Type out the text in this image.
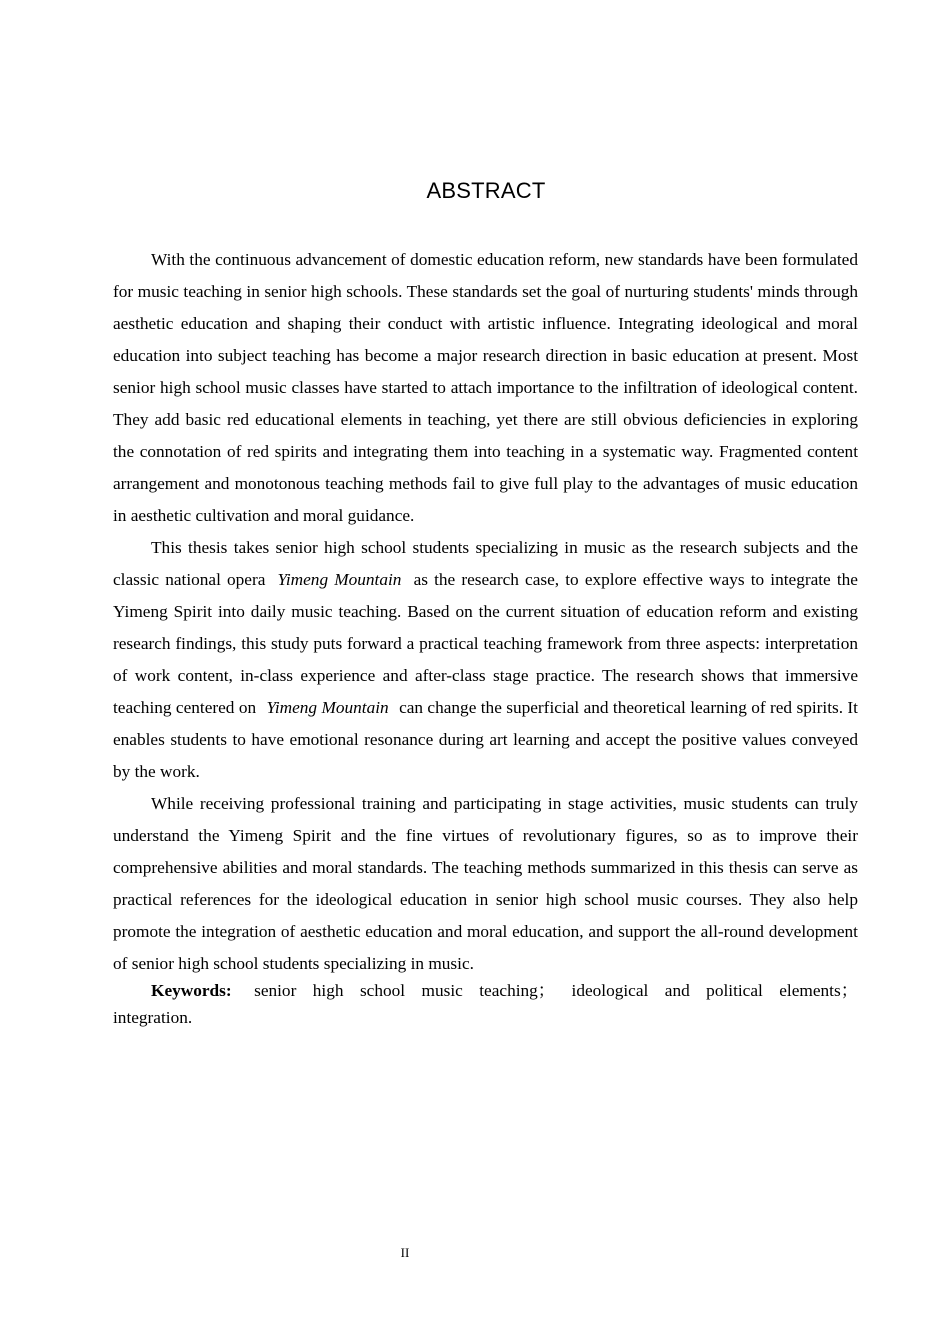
ABSTRACT

With the continuous advancement of domestic education reform, new standards have been formulated for music teaching in senior high schools. These standards set the goal of nurturing students' minds through aesthetic education and shaping their conduct with artistic influence. Integrating ideological and moral education into subject teaching has become a major research direction in basic education at present. Most senior high school music classes have started to attach importance to the infiltration of ideological content. They add basic red educational elements in teaching, yet there are still obvious deficiencies in exploring the connotation of red spirits and integrating them into teaching in a systematic way. Fragmented content arrangement and monotonous teaching methods fail to give full play to the advantages of music education in aesthetic cultivation and moral guidance.

This thesis takes senior high school students specializing in music as the research subjects and the classic national opera Yimeng Mountain as the research case, to explore effective ways to integrate the Yimeng Spirit into daily music teaching. Based on the current situation of education reform and existing research findings, this study puts forward a practical teaching framework from three aspects: interpretation of work content, in-class experience and after-class stage practice. The research shows that immersive teaching centered on Yimeng Mountain can change the superficial and theoretical learning of red spirits. It enables students to have emotional resonance during art learning and accept the positive values conveyed by the work.

While receiving professional training and participating in stage activities, music students can truly understand the Yimeng Spirit and the fine virtues of revolutionary figures, so as to improve their comprehensive abilities and moral standards. The teaching methods summarized in this thesis can serve as practical references for the ideological education in senior high school music courses. They also help promote the integration of aesthetic education and moral education, and support the all-round development of senior high school students specializing in music.

Keywords: senior high school music teaching； ideological and political elements； integration.

II
